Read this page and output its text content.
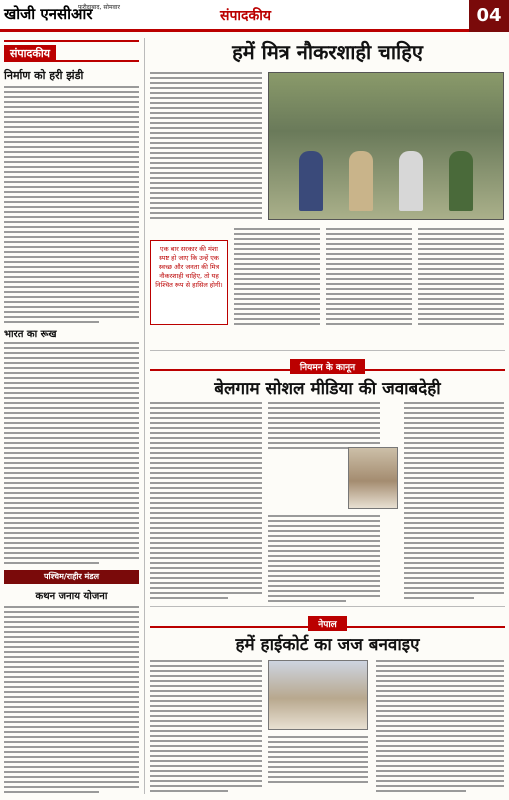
खोजी एनसीआर
फरीदाबाद, सोमवार
संपादकीय	04
संपादकीय
निर्माण को हरी झंडी
भारत का रूख
पश्चिम/राहीर मंडल
कथन जनाय योजना
हमें मित्र नौकरशाही चाहिए
एक बार सरकार की मंशा स्पष्ट हो जाए कि उन्हें एक स्वच्छ और जनता की मित्र नौकरशाही चाहिए, तो यह निश्चित रूप से हासिल होगी।
नियमन के कानून
बेलगाम सोशल मीडिया की जवाबदेही
नेपाल
हमें हाईकोर्ट का जज बनवाइए
